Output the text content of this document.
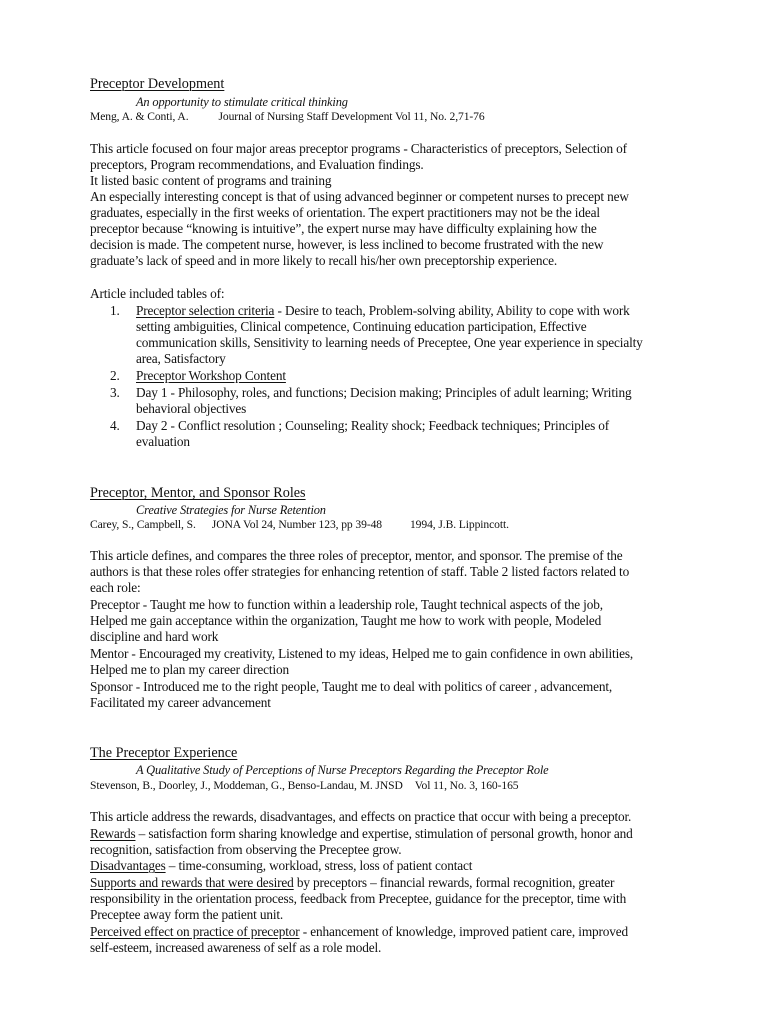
Preceptor Development
An opportunity to stimulate critical thinking
Meng, A. & Conti, A.	Journal of Nursing Staff Development Vol 11, No. 2,71-76
This article focused on four major areas preceptor programs - Characteristics of preceptors, Selection of
preceptors, Program recommendations, and Evaluation findings.
It listed basic content of programs and training
An especially interesting concept is that of using advanced beginner or competent nurses to precept new
graduates, especially in the first weeks of orientation. The expert practitioners may not be the ideal
preceptor because “knowing is intuitive”, the expert nurse may have difficulty explaining how the
decision is made. The competent nurse, however, is less inclined to become frustrated with the new
graduate’s lack of speed and in more likely to recall his/her own preceptorship experience.
Article included tables of:
1. Preceptor selection criteria - Desire to teach, Problem-solving ability, Ability to cope with work
setting ambiguities, Clinical competence, Continuing education participation, Effective
communication skills, Sensitivity to learning needs of Preceptee, One year experience in specialty
area, Satisfactory
2. Preceptor Workshop Content
3. Day 1 - Philosophy, roles, and functions; Decision making; Principles of adult learning; Writing
behavioral objectives
4. Day 2 - Conflict resolution ; Counseling; Reality shock; Feedback techniques; Principles of
evaluation
Preceptor, Mentor, and Sponsor Roles
Creative Strategies for Nurse Retention
Carey, S., Campbell, S. JONA Vol 24, Number 123, pp 39-48 1994, J.B. Lippincott.
This article defines, and compares the three roles of preceptor, mentor, and sponsor. The premise of the
authors is that these roles offer strategies for enhancing retention of staff. Table 2 listed factors related to
each role:
Preceptor - Taught me how to function within a leadership role, Taught technical aspects of the job,
Helped me gain acceptance within the organization, Taught me how to work with people, Modeled
discipline and hard work
Mentor - Encouraged my creativity, Listened to my ideas, Helped me to gain confidence in own abilities,
Helped me to plan my career direction
Sponsor - Introduced me to the right people, Taught me to deal with politics of career , advancement,
Facilitated my career advancement
The Preceptor Experience
A Qualitative Study of Perceptions of Nurse Preceptors Regarding the Preceptor Role
Stevenson, B., Doorley, J., Moddeman, G., Benso-Landau, M. JNSD Vol 11, No. 3, 160-165
This article address the rewards, disadvantages, and effects on practice that occur with being a preceptor.
Rewards – satisfaction form sharing knowledge and expertise, stimulation of personal growth, honor and
recognition, satisfaction from observing the Preceptee grow.
Disadvantages – time-consuming, workload, stress, loss of patient contact
Supports and rewards that were desired by preceptors – financial rewards, formal recognition, greater
responsibility in the orientation process, feedback from Preceptee, guidance for the preceptor, time with
Preceptee away form the patient unit.
Perceived effect on practice of preceptor - enhancement of knowledge, improved patient care, improved
self-esteem, increased awareness of self as a role model.
